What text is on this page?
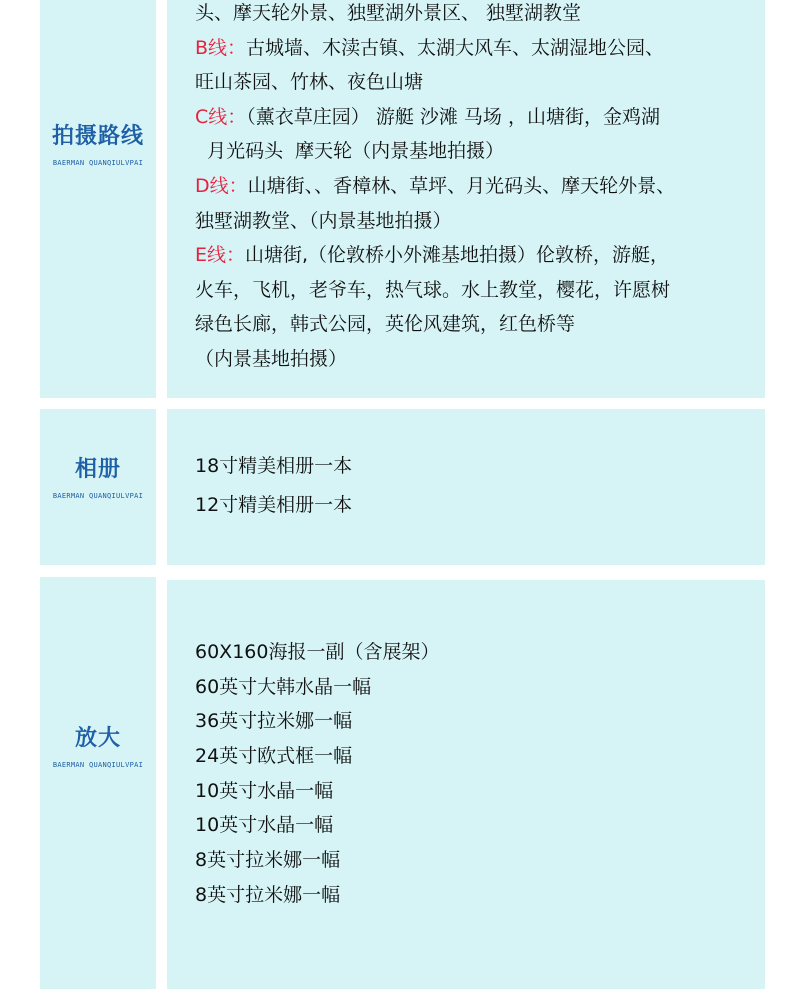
拍摄路线
BAERMAN QUANQIULVPAI
头、摩天轮外景、独墅湖外景区、 独墅湖教堂
B线：古城墙、木渎古镇、太湖大风车、太湖湿地公园、
旺山茶园、竹林、夜色山塘
C线：（薰衣草庄园） 游艇 沙滩 马场 ，山塘街，金鸡湖
月光码头  摩天轮（内景基地拍摄）
D线：山塘街、、香樟林、草坪、月光码头、摩天轮外景、
独墅湖教堂、（内景基地拍摄）
E线：山塘街,（伦敦桥小外滩基地拍摄）伦敦桥，游艇，
火车，飞机，老爷车，热气球。水上教堂，樱花，许愿树
绿色长廊，韩式公园，英伦风建筑，红色桥等
（内景基地拍摄）
相册
BAERMAN QUANQIULVPAI
18寸精美相册一本
12寸精美相册一本
放大
BAERMAN QUANQIULVPAI
60X160海报一副（含展架）
60英寸大韩水晶一幅
36英寸拉米娜一幅
24英寸欧式框一幅
10英寸水晶一幅
10英寸水晶一幅
8英寸拉米娜一幅
8英寸拉米娜一幅
